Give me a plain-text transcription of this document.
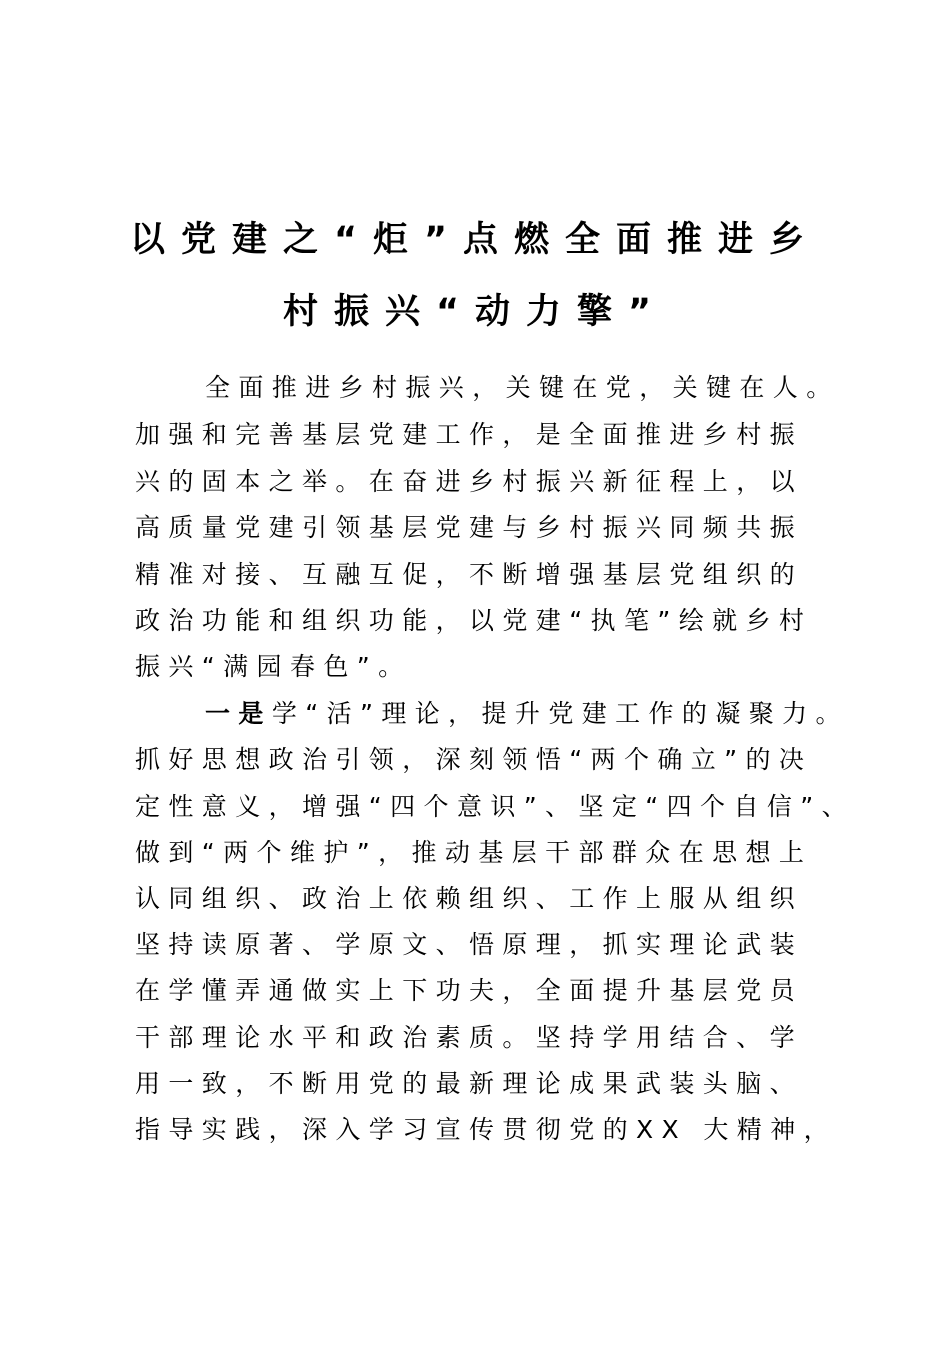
以党建之“炬”点燃全面推进乡
村振兴“动力擎”
全面推进乡村振兴，关键在党，关键在人。
加强和完善基层党建工作，是全面推进乡村振
兴的固本之举。在奋进乡村振兴新征程上，以
高质量党建引领基层党建与乡村振兴同频共振
精准对接、互融互促，不断增强基层党组织的
政治功能和组织功能，以党建“执笔”绘就乡村
振兴“满园春色”。
一是学“活”理论，提升党建工作的凝聚力。
抓好思想政治引领，深刻领悟“两个确立”的决
定性意义，增强“四个意识”、坚定“四个自信”、
做到“两个维护”，推动基层干部群众在思想上
认同组织、政治上依赖组织、工作上服从组织
坚持读原著、学原文、悟原理，抓实理论武装
在学懂弄通做实上下功夫，全面提升基层党员
干部理论水平和政治素质。坚持学用结合、学
用一致，不断用党的最新理论成果武装头脑、
指导实践，深入学习宣传贯彻党的XX 大精神，
